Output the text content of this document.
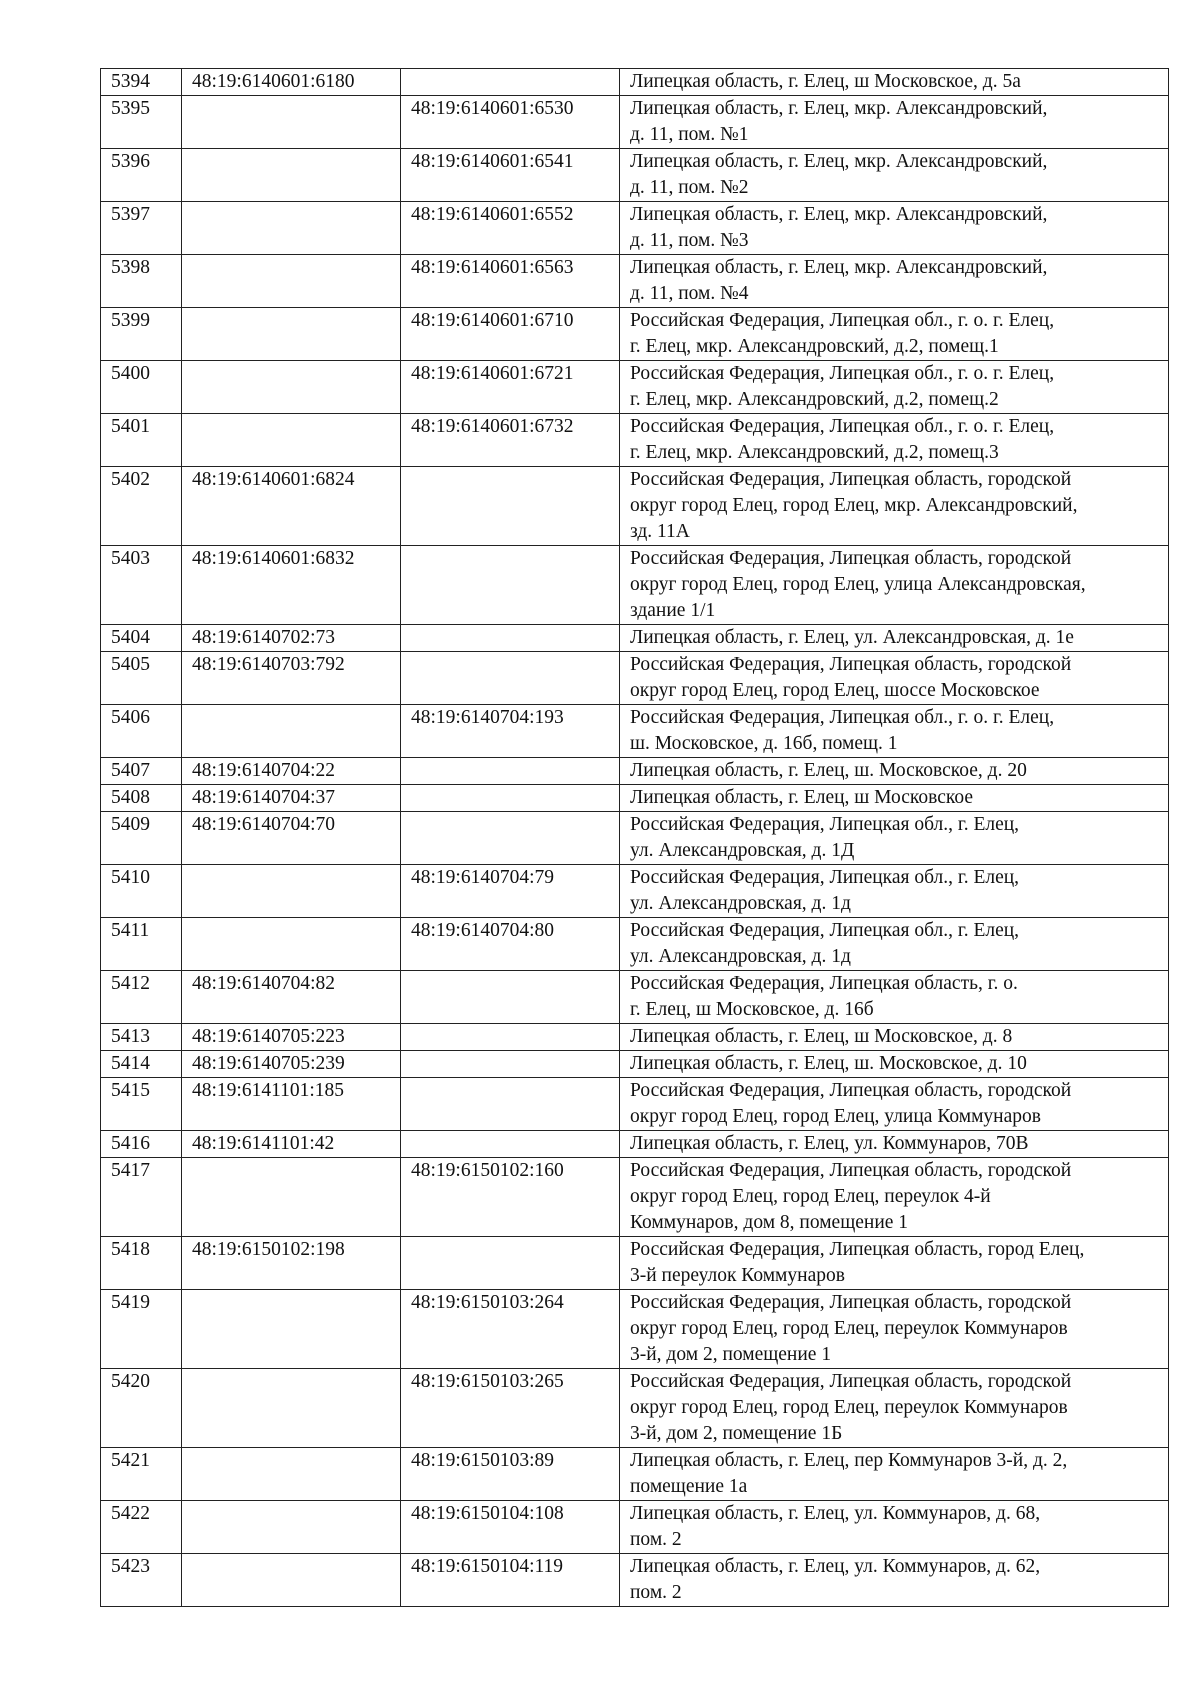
5394	48:19:6140601:6180		Липецкая область, г. Елец, ш Московское, д. 5а
5395		48:19:6140601:6530	Липецкая область, г. Елец, мкр. Александровский,
д. 11, пом. №1
5396		48:19:6140601:6541	Липецкая область, г. Елец, мкр. Александровский,
д. 11, пом. №2
5397		48:19:6140601:6552	Липецкая область, г. Елец, мкр. Александровский,
д. 11, пом. №3
5398		48:19:6140601:6563	Липецкая область, г. Елец, мкр. Александровский,
д. 11, пом. №4
5399		48:19:6140601:6710	Российская Федерация, Липецкая обл., г. о. г. Елец,
г. Елец, мкр. Александровский, д.2, помещ.1
5400		48:19:6140601:6721	Российская Федерация, Липецкая обл., г. о. г. Елец,
г. Елец, мкр. Александровский, д.2, помещ.2
5401		48:19:6140601:6732	Российская Федерация, Липецкая обл., г. о. г. Елец,
г. Елец, мкр. Александровский, д.2, помещ.3
5402	48:19:6140601:6824		Российская Федерация, Липецкая область, городской
округ город Елец, город Елец, мкр. Александровский,
зд. 11А
5403	48:19:6140601:6832		Российская Федерация, Липецкая область, городской
округ город Елец, город Елец, улица Александровская,
здание 1/1
5404	48:19:6140702:73		Липецкая область, г. Елец, ул. Александровская, д. 1е
5405	48:19:6140703:792		Российская Федерация, Липецкая область, городской
округ город Елец, город Елец, шоссе Московское
5406		48:19:6140704:193	Российская Федерация, Липецкая обл., г. о. г. Елец,
ш. Московское, д. 16б, помещ. 1
5407	48:19:6140704:22		Липецкая область, г. Елец, ш. Московское, д. 20
5408	48:19:6140704:37		Липецкая область, г. Елец, ш Московское
5409	48:19:6140704:70		Российская Федерация, Липецкая обл., г. Елец,
ул. Александровская, д. 1Д
5410		48:19:6140704:79	Российская Федерация, Липецкая обл., г. Елец,
ул. Александровская, д. 1д
5411		48:19:6140704:80	Российская Федерация, Липецкая обл., г. Елец,
ул. Александровская, д. 1д
5412	48:19:6140704:82		Российская Федерация, Липецкая область, г. о.
г. Елец, ш Московское, д. 16б
5413	48:19:6140705:223		Липецкая область, г. Елец, ш Московское, д. 8
5414	48:19:6140705:239		Липецкая область, г. Елец, ш. Московское, д. 10
5415	48:19:6141101:185		Российская Федерация, Липецкая область, городской
округ город Елец, город Елец, улица Коммунаров
5416	48:19:6141101:42		Липецкая область, г. Елец, ул. Коммунаров, 70В
5417		48:19:6150102:160	Российская Федерация, Липецкая область, городской
округ город Елец, город Елец, переулок 4-й
Коммунаров, дом 8, помещение 1
5418	48:19:6150102:198		Российская Федерация, Липецкая область, город Елец,
3-й переулок Коммунаров
5419		48:19:6150103:264	Российская Федерация, Липецкая область, городской
округ город Елец, город Елец, переулок Коммунаров
3-й, дом 2, помещение 1
5420		48:19:6150103:265	Российская Федерация, Липецкая область, городской
округ город Елец, город Елец, переулок Коммунаров
3-й, дом 2, помещение 1Б
5421		48:19:6150103:89	Липецкая область, г. Елец, пер Коммунаров 3-й, д. 2,
помещение 1а
5422		48:19:6150104:108	Липецкая область, г. Елец, ул. Коммунаров, д. 68,
пом. 2
5423		48:19:6150104:119	Липецкая область, г. Елец, ул. Коммунаров, д. 62,
пом. 2
